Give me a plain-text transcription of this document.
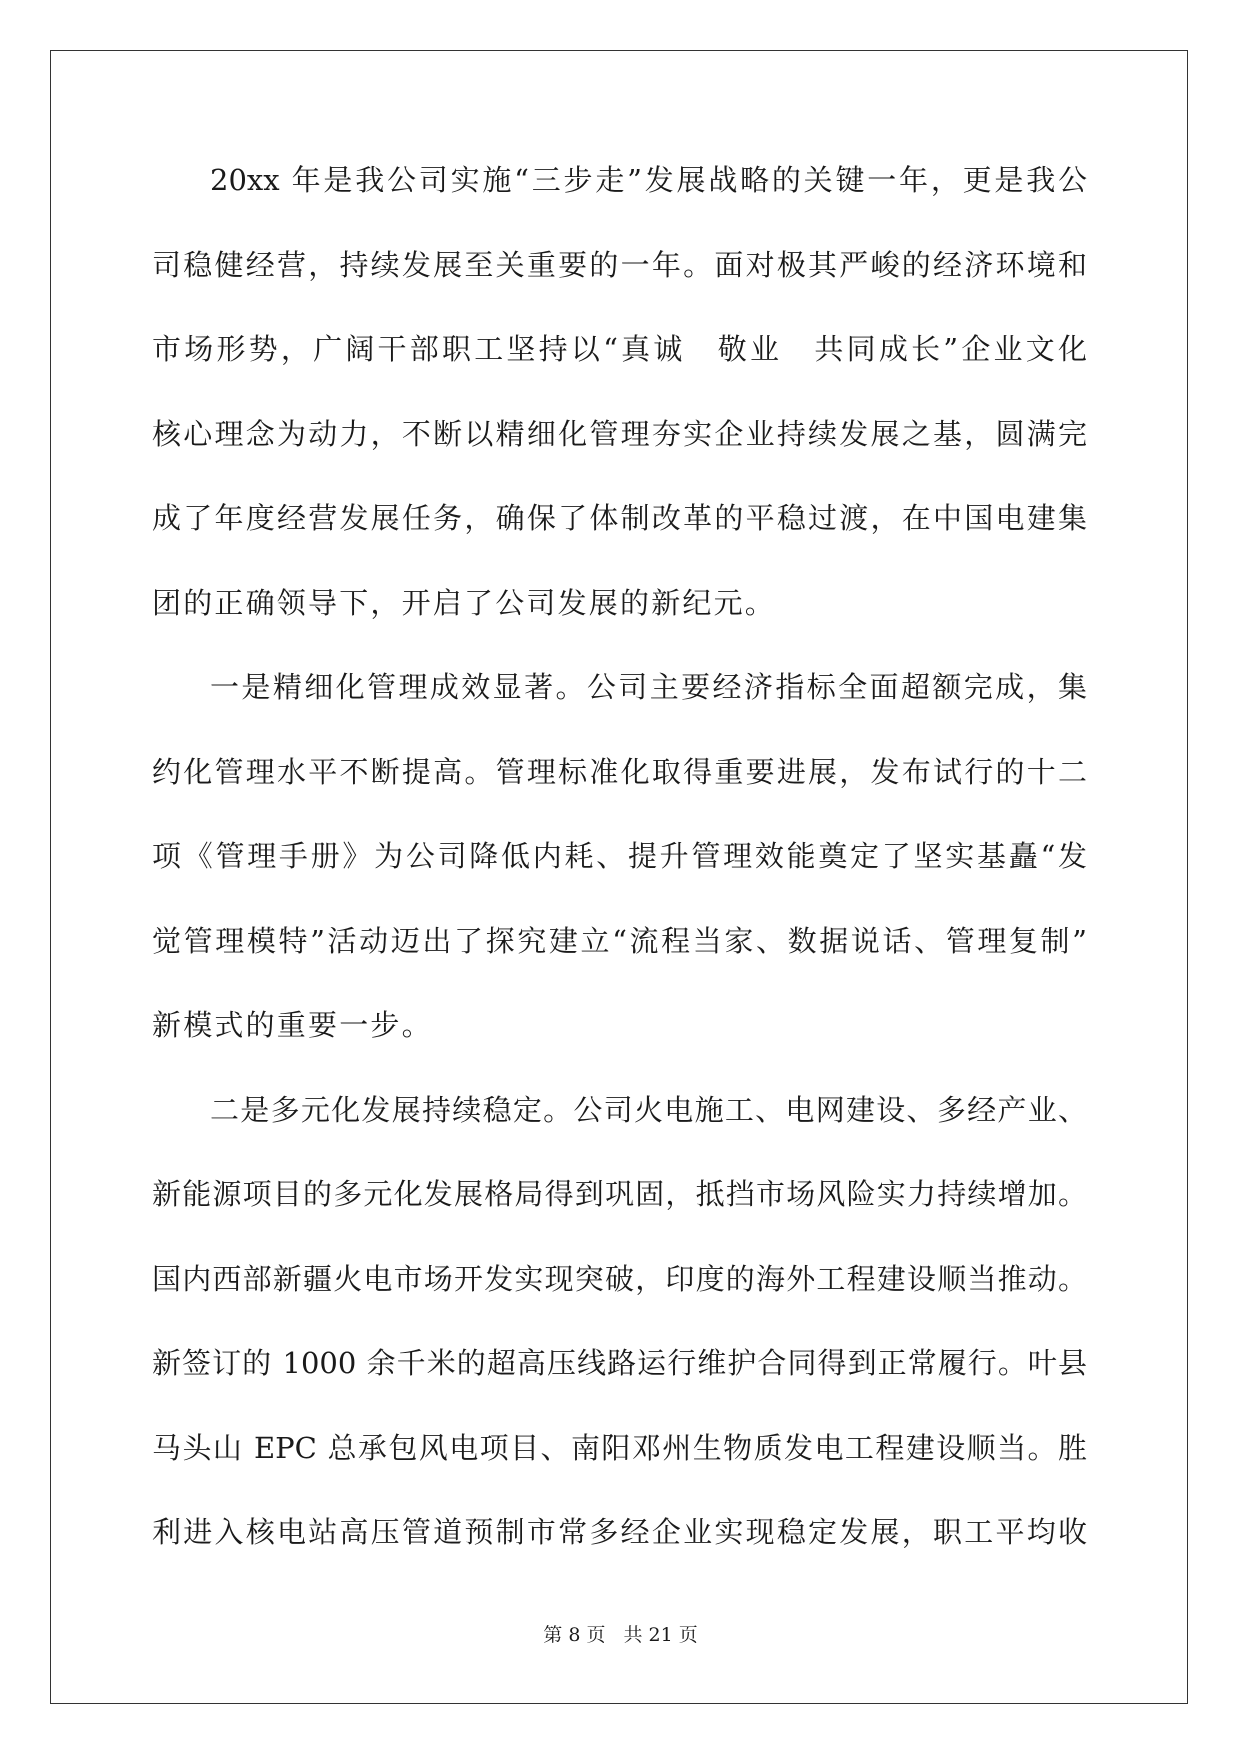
20xx 年是我公司实施“三步走”发展战略的关键一年，更是我公
司稳健经营，持续发展至关重要的一年。面对极其严峻的经济环境和
市场形势，广阔干部职工坚持以“真诚　敬业　共同成长”企业文化
核心理念为动力，不断以精细化管理夯实企业持续发展之基，圆满完
成了年度经营发展任务，确保了体制改革的平稳过渡，在中国电建集
团的正确领导下，开启了公司发展的新纪元。
一是精细化管理成效显著。公司主要经济指标全面超额完成，集
约化管理水平不断提高。管理标准化取得重要进展，发布试行的十二
项《管理手册》为公司降低内耗、提升管理效能奠定了坚实基矗“发
觉管理模特”活动迈出了探究建立“流程当家、数据说话、管理复制”
新模式的重要一步。
二是多元化发展持续稳定。公司火电施工、电网建设、多经产业、
新能源项目的多元化发展格局得到巩固，抵挡市场风险实力持续增加。
国内西部新疆火电市场开发实现突破，印度的海外工程建设顺当推动。
新签订的 1000 余千米的超高压线路运行维护合同得到正常履行。叶县
马头山 EPC 总承包风电项目、南阳邓州生物质发电工程建设顺当。胜
利进入核电站高压管道预制市常多经企业实现稳定发展，职工平均收
第 8 页 共 21 页
